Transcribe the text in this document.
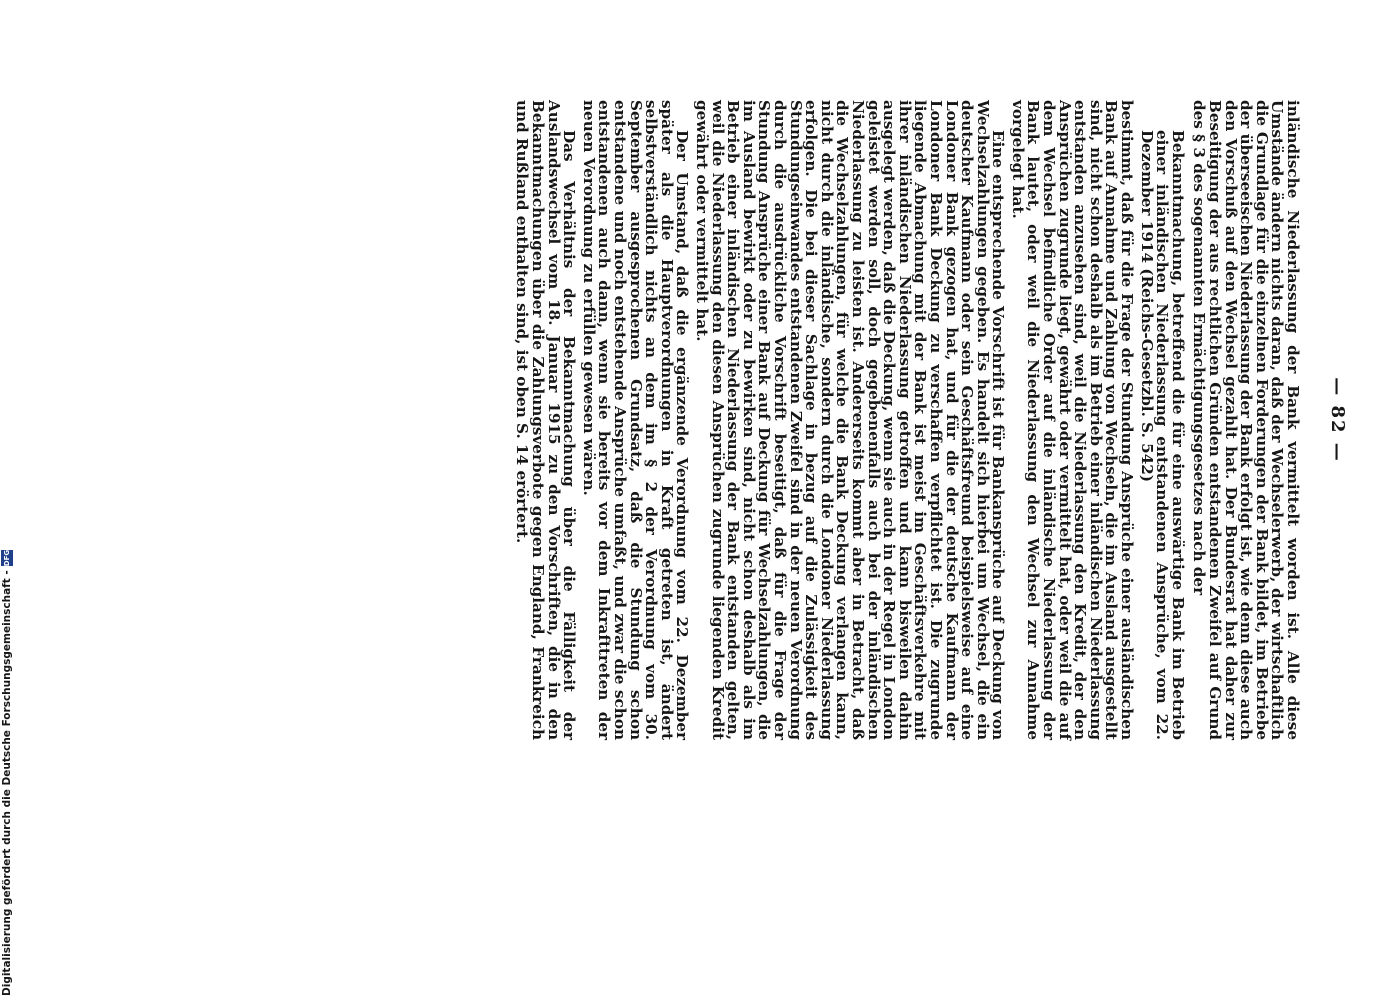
— 82 —

inländische Niederlassung der Bank vermittelt worden ist. Alle diese Umstände ändern nichts daran, daß der Wechselerwerb, der wirtschaftlich die Grundlage für die einzelnen Forderungen der Bank bildet, im Betriebe der überseeischen Niederlassung der Bank erfolgt ist, wie denn diese auch den Vorschuß auf den Wechsel gezahlt hat. Der Bundesrat hat daher zur Beseitigung der aus rechtlichen Gründen entstandenen Zweifel auf Grund des § 3 des sogenannten Ermächtigungsgesetzes nach der

Bekanntmachung, betreffend die für eine auswärtige Bank im Betrieb einer inländischen Niederlassung entstandenen Ansprüche, vom 22. Dezember 1914 (Reichs-Gesetzbl. S. 542)

bestimmt, daß für die Frage der Stundung Ansprüche einer ausländischen Bank auf Annahme und Zahlung von Wechseln, die im Ausland ausgestellt sind, nicht schon deshalb als im Betrieb einer inländischen Niederlassung entstanden anzusehen sind, weil die Niederlassung den Kredit, der den Ansprüchen zugrunde liegt, gewährt oder vermittelt hat, oder weil die auf dem Wechsel befindliche Order auf die inländische Niederlassung der Bank lautet, oder weil die Niederlassung den Wechsel zur Annahme vorgelegt hat.

Eine entsprechende Vorschrift ist für Bankansprüche auf Deckung von Wechselzahlungen gegeben. Es handelt sich hierbei um Wechsel, die ein deutscher Kaufmann oder sein Geschäftsfreund beispielsweise auf eine Londoner Bank gezogen hat, und für die der deutsche Kaufmann der Londoner Bank Deckung zu verschaffen verpflichtet ist. Die zugrunde liegende Abmachung mit der Bank ist meist im Geschäftsverkehre mit ihrer inländischen Niederlassung getroffen und kann bisweilen dahin ausgelegt werden, daß die Deckung, wenn sie auch in der Regel in London geleistet werden soll, doch gegebenenfalls auch bei der inländischen Niederlassung zu leisten ist. Andererseits kommt aber in Betracht, daß die Wechselzahlungen, für welche die Bank Deckung verlangen kann, nicht durch die inländische, sondern durch die Londoner Niederlassung erfolgen. Die bei dieser Sachlage in bezug auf die Zulässigkeit des Stundungseinwandes entstandenen Zweifel sind in der neuen Verordnung durch die ausdrückliche Vorschrift beseitigt, daß für die Frage der Stundung Ansprüche einer Bank auf Deckung für Wechselzahlungen, die im Ausland bewirkt oder zu bewirken sind, nicht schon deshalb als im Betrieb einer inländischen Niederlassung der Bank entstanden gelten, weil die Niederlassung den diesen Ansprüchen zugrunde liegenden Kredit gewährt oder vermittelt hat.

Der Umstand, daß die ergänzende Verordnung vom 22. Dezember später als die Hauptverordnungen in Kraft getreten ist, ändert selbstverständlich nichts an dem im § 2 der Verordnung vom 30. September ausgesprochenen Grundsatz, daß die Stundung schon entstandene und noch entstehende Ansprüche umfaßt, und zwar die schon entstandenen auch dann, wenn sie bereits vor dem Inkrafttreten der neuen Verordnung zu erfüllen gewesen wären.

Das Verhältnis der Bekanntmachung über die Fälligkeit der Auslandswechsel vom 18. Januar 1915 zu den Vorschriften, die in den Bekanntmachungen über die Zahlungsverbote gegen England, Frankreich und Rußland enthalten sind, ist oben S. 14 erörtert.

Digitalisierung gefördert durch die Deutsche Forschungsgemeinschaft -
DFG
